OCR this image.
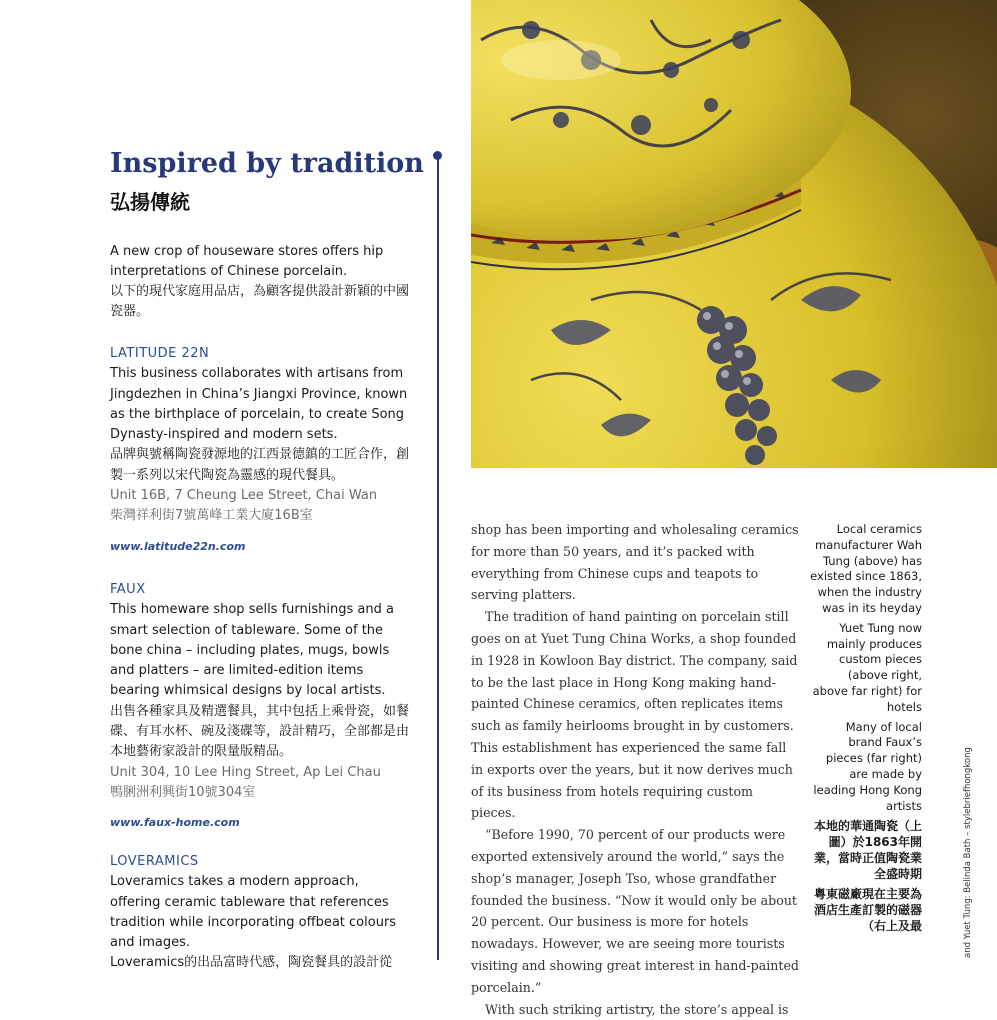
Inspired by tradition
弘揚傳統

A new crop of houseware stores offers hip interpretations of Chinese porcelain.

以下的現代家庭用品店，為顧客提供設計新穎的中國瓷器。

LATITUDE 22N

This business collaborates with artisans from Jingdezhen in China’s Jiangxi Province, known as the birthplace of porcelain, to create Song Dynasty-inspired and modern sets.

品牌與號稱陶瓷發源地的江西景德鎮的工匠合作，創製一系列以宋代陶瓷為靈感的現代餐具。

Unit 16B, 7 Cheung Lee Street, Chai Wan

柴灣祥利街7號萬峰工業大廈16B室

www.latitude22n.com

FAUX

This homeware shop sells furnishings and a smart selection of tableware. Some of the bone china – including plates, mugs, bowls and platters – are limited-edition items bearing whimsical designs by local artists.

出售各種家具及精選餐具，其中包括上乘骨瓷，如餐碟、有耳水杯、碗及淺碟等，設計精巧，全部都是由本地藝術家設計的限量版精品。

Unit 304, 10 Lee Hing Street, Ap Lei Chau

鴨脷洲利興街10號304室

www.faux-home.com

LOVERAMICS

Loveramics takes a modern approach, offering ceramic tableware that references tradition while incorporating offbeat colours and images.

Loveramics的出品富時代感，陶瓷餐具的設計從

shop has been importing and wholesaling ceramics for more than 50 years, and it’s packed with everything from Chinese cups and teapots to serving platters.

The tradition of hand painting on porcelain still goes on at Yuet Tung China Works, a shop founded in 1928 in Kowloon Bay district. The company, said to be the last place in Hong Kong making hand-painted Chinese ceramics, often replicates items such as family heirlooms brought in by customers. This establishment has experienced the same fall in exports over the years, but it now derives much of its business from hotels requiring custom pieces.

“Before 1990, 70 percent of our products were exported extensively around the world,” says the shop’s manager, Joseph Tso, whose grandfather founded the business. “Now it would only be about 20 percent. Our business is more for hotels nowadays. However, we are seeing more tourists visiting and showing great interest in hand-painted porcelain.”

With such striking artistry, the store’s appeal is

Local ceramics manufacturer Wah Tung (above) has existed since 1863, when the industry was in its heyday

Yuet Tung now mainly produces custom pieces (above right, above far right) for hotels

Many of local brand Faux’s pieces (far right) are made by leading Hong Kong artists

本地的華通陶瓷（上圖）於1863年開業，當時正值陶瓷業全盛時期

粵東磁廠現在主要為酒店生產訂製的磁器（右上及最	and Yuet Tung: Belinda Bath – stylebriefhongkong
